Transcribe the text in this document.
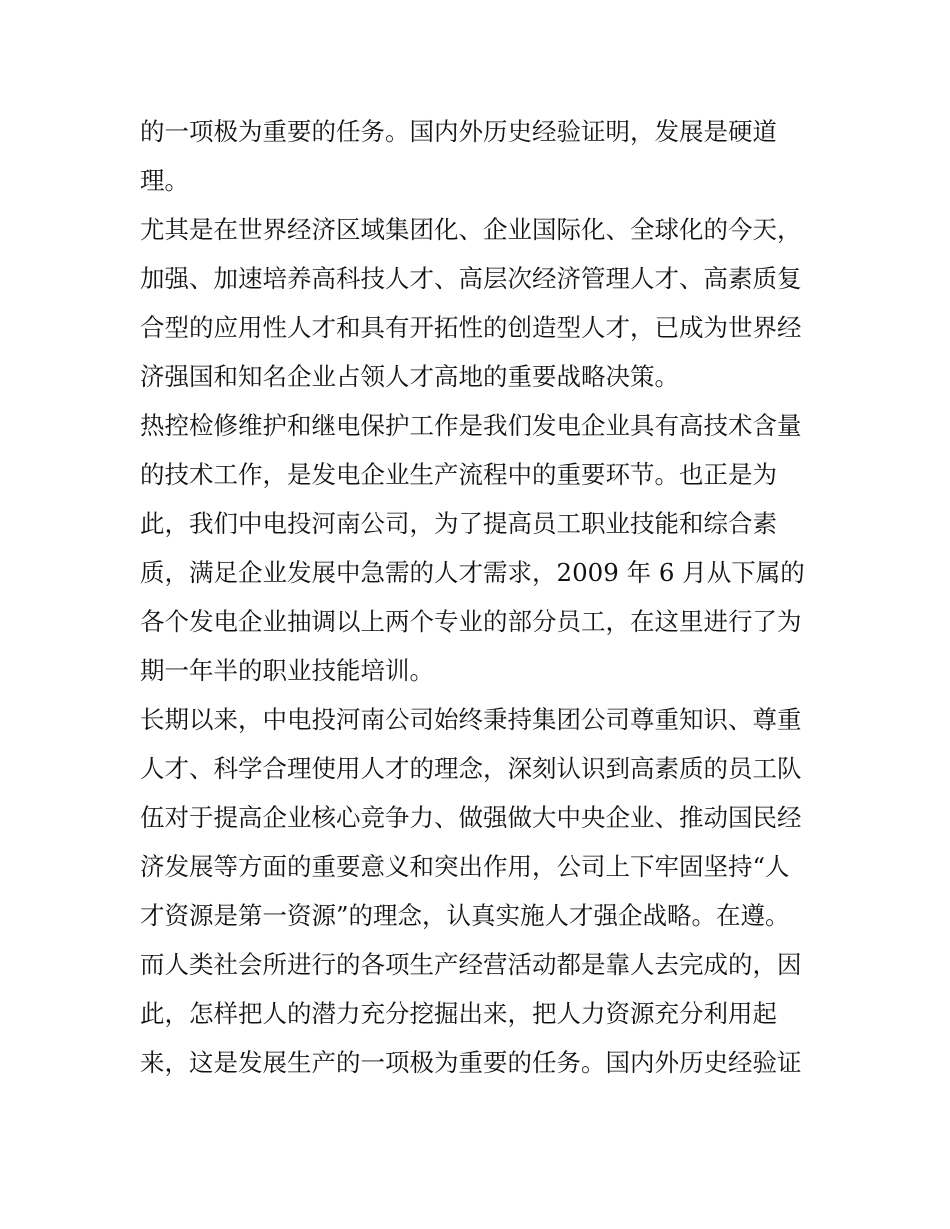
的一项极为重要的任务。国内外历史经验证明，发展是硬道

理。

尤其是在世界经济区域集团化、企业国际化、全球化的今天，

加强、加速培养高科技人才、高层次经济管理人才、高素质复

合型的应用性人才和具有开拓性的创造型人才，已成为世界经

济强国和知名企业占领人才高地的重要战略决策。

热控检修维护和继电保护工作是我们发电企业具有高技术含量

的技术工作，是发电企业生产流程中的重要环节。也正是为

此，我们中电投河南公司，为了提高员工职业技能和综合素

质，满足企业发展中急需的人才需求，2009 年 6 月从下属的

各个发电企业抽调以上两个专业的部分员工，在这里进行了为

期一年半的职业技能培训。

长期以来，中电投河南公司始终秉持集团公司尊重知识、尊重

人才、科学合理使用人才的理念，深刻认识到高素质的员工队

伍对于提高企业核心竞争力、做强做大中央企业、推动国民经

济发展等方面的重要意义和突出作用，公司上下牢固坚持“人

才资源是第一资源”的理念，认真实施人才强企战略。在遵。

而人类社会所进行的各项生产经营活动都是靠人去完成的，因

此，怎样把人的潜力充分挖掘出来，把人力资源充分利用起

来，这是发展生产的一项极为重要的任务。国内外历史经验证
